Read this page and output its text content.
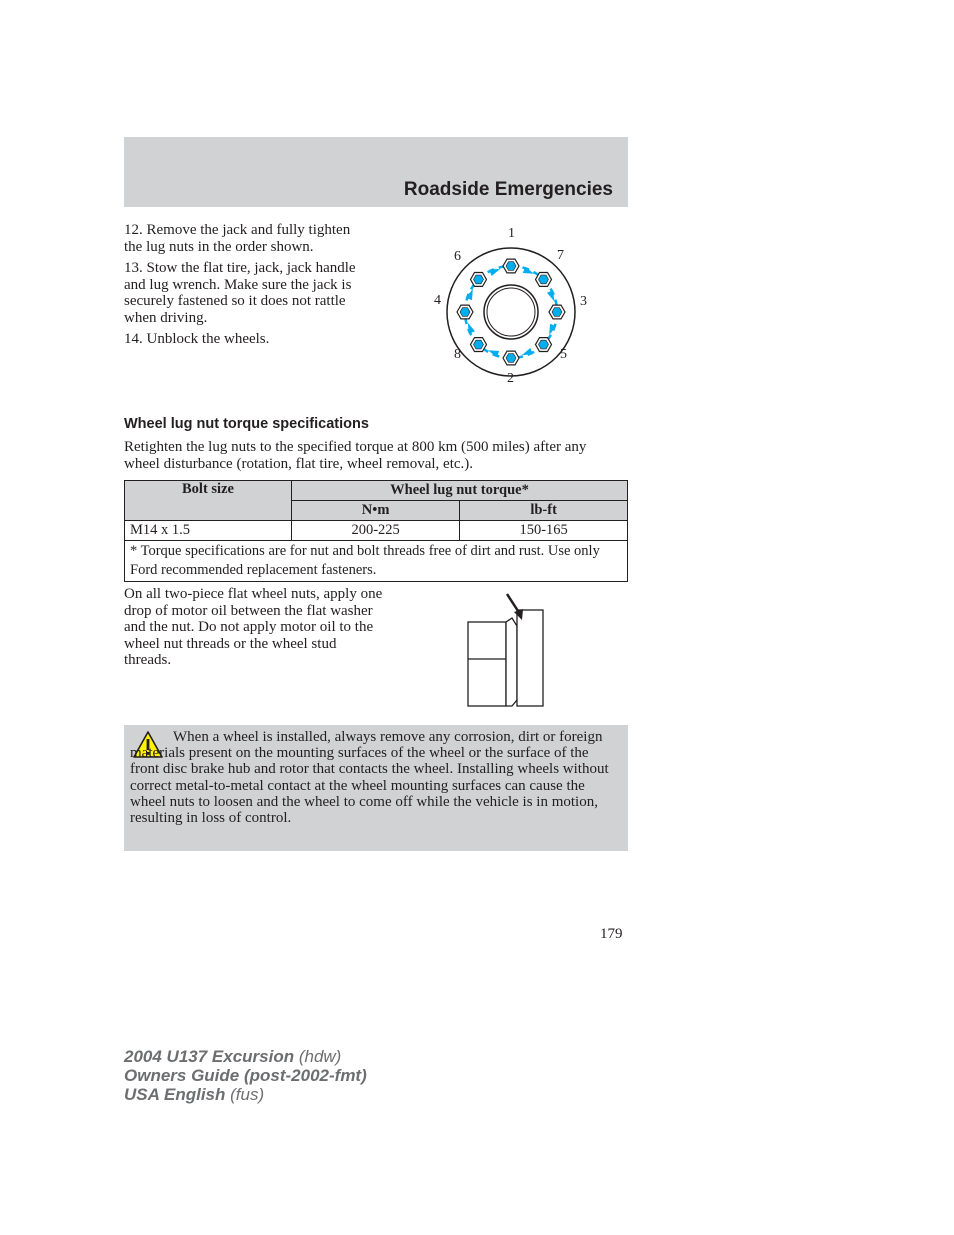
Roadside Emergencies

12. Remove the jack and fully tighten the lug nuts in the order shown.

13. Stow the flat tire, jack, jack handle and lug wrench. Make sure the jack is securely fastened so it does not rattle when driving.

14. Unblock the wheels.

1
2
3
4
5
6	7
8
Wheel lug nut torque specifications
Retighten the lug nuts to the specified torque at 800 km (500 miles) after any wheel disturbance (rotation, flat tire, wheel removal, etc.).
Bolt size	Wheel lug nut torque*	
	N•m	lb-ft
M14 x 1.5	200-225	150-165
* Torque specifications are for nut and bolt threads free of dirt and rust. Use only Ford recommended replacement fasteners.		
On all two-piece flat wheel nuts, apply one drop of motor oil between the flat washer and the nut. Do not apply motor oil to the wheel nut threads or the wheel stud threads.

When a wheel is installed, always remove any corrosion, dirt or foreign materials present on the mounting surfaces of the wheel or the surface of the front disc brake hub and rotor that contacts the wheel. Installing wheels without correct metal-to-metal contact at the wheel mounting surfaces can cause the wheel nuts to loosen and the wheel to come off while the vehicle is in motion, resulting in loss of control.

179
2004 U137 Excursion (hdw)
Owners Guide (post-2002-fmt)
USA English (fus)
